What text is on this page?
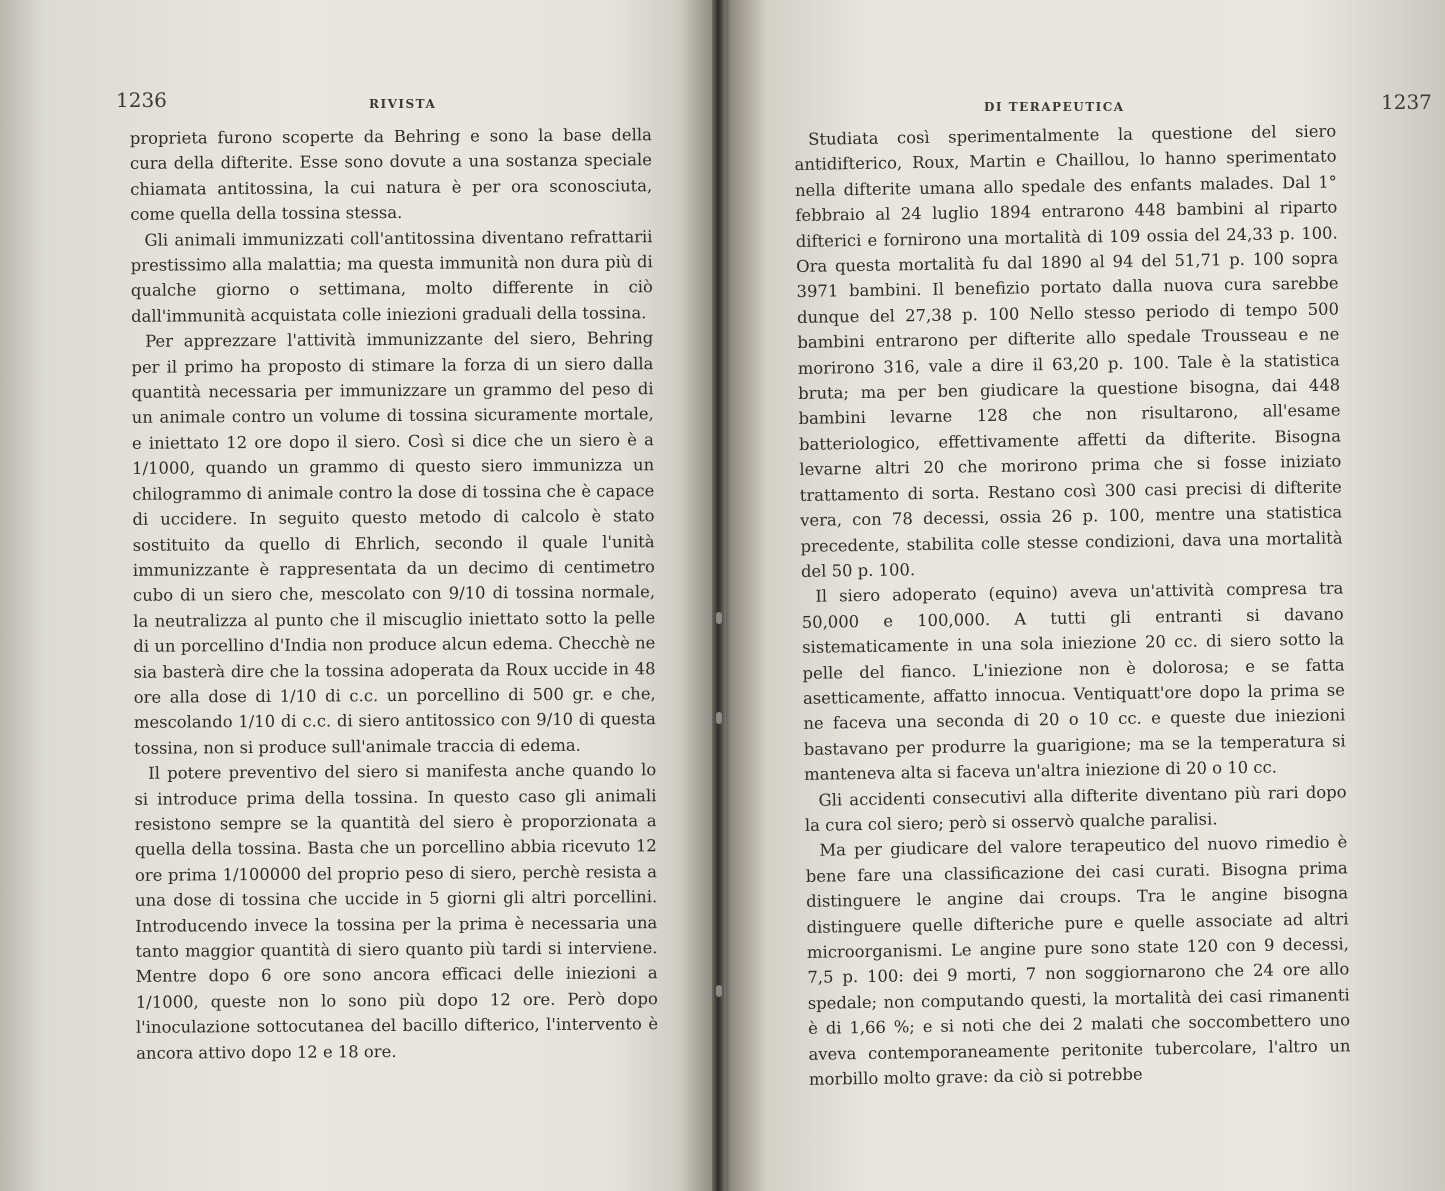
1236	RIVISTA

proprieta furono scoperte da Behring e sono la base della cura della difterite. Esse sono dovute a una sostanza speciale chiamata antitossina, la cui natura è per ora sconosciuta, come quella della tossina stessa.

Gli animali immunizzati coll'antitossina diventano refrattarii prestissimo alla malattia; ma questa immunità non dura più di qualche giorno o settimana, molto differente in ciò dall'immunità acquistata colle iniezioni graduali della tossina.

Per apprezzare l'attività immunizzante del siero, Behring per il primo ha proposto di stimare la forza di un siero dalla quantità necessaria per immunizzare un grammo del peso di un animale contro un volume di tossina sicuramente mortale, e iniettato 12 ore dopo il siero. Così si dice che un siero è a 1/1000, quando un grammo di questo siero immunizza un chilogrammo di animale contro la dose di tossina che è capace di uccidere. In seguito questo metodo di calcolo è stato sostituito da quello di Ehrlich, secondo il quale l'unità immunizzante è rappresentata da un decimo di centimetro cubo di un siero che, mescolato con 9/10 di tossina normale, la neutralizza al punto che il miscuglio iniettato sotto la pelle di un porcellino d'India non produce alcun edema. Checchè ne sia basterà dire che la tossina adoperata da Roux uccide in 48 ore alla dose di 1/10 di c.c. un porcellino di 500 gr. e che, mescolando 1/10 di c.c. di siero antitossico con 9/10 di questa tossina, non si produce sull'animale traccia di edema.

Il potere preventivo del siero si manifesta anche quando lo si introduce prima della tossina. In questo caso gli animali resistono sempre se la quantità del siero è proporzionata a quella della tossina. Basta che un porcellino abbia ricevuto 12 ore prima 1/100000 del proprio peso di siero, perchè resista a una dose di tossina che uccide in 5 giorni gli altri porcellini. Introducendo invece la tossina per la prima è necessaria una tanto maggior quantità di siero quanto più tardi si interviene. Mentre dopo 6 ore sono ancora efficaci delle iniezioni a 1/1000, queste non lo sono più dopo 12 ore. Però dopo l'inoculazione sottocutanea del bacillo difterico, l'intervento è ancora attivo dopo 12 e 18 ore.

DI TERAPEUTICA	1237

Studiata così sperimentalmente la questione del siero antidifterico, Roux, Martin e Chaillou, lo hanno sperimentato nella difterite umana allo spedale des enfants malades. Dal 1° febbraio al 24 luglio 1894 entrarono 448 bambini al riparto difterici e fornirono una mortalità di 109 ossia del 24,33 p. 100. Ora questa mortalità fu dal 1890 al 94 del 51,71 p. 100 sopra 3971 bambini. Il benefizio portato dalla nuova cura sarebbe dunque del 27,38 p. 100 Nello stesso periodo di tempo 500 bambini entrarono per difterite allo spedale Trousseau e ne morirono 316, vale a dire il 63,20 p. 100. Tale è la statistica bruta; ma per ben giudicare la questione bisogna, dai 448 bambini levarne 128 che non risultarono, all'esame batteriologico, effettivamente affetti da difterite. Bisogna levarne altri 20 che morirono prima che si fosse iniziato trattamento di sorta. Restano così 300 casi precisi di difterite vera, con 78 decessi, ossia 26 p. 100, mentre una statistica precedente, stabilita colle stesse condizioni, dava una mortalità del 50 p. 100.

Il siero adoperato (equino) aveva un'attività compresa tra 50,000 e 100,000. A tutti gli entranti si davano sistematicamente in una sola iniezione 20 cc. di siero sotto la pelle del fianco. L'iniezione non è dolorosa; e se fatta asetticamente, affatto innocua. Ventiquatt'ore dopo la prima se ne faceva una seconda di 20 o 10 cc. e queste due iniezioni bastavano per produrre la guarigione; ma se la temperatura si manteneva alta si faceva un'altra iniezione di 20 o 10 cc.

Gli accidenti consecutivi alla difterite diventano più rari dopo la cura col siero; però si osservò qualche paralisi.

Ma per giudicare del valore terapeutico del nuovo rimedio è bene fare una classificazione dei casi curati. Bisogna prima distinguere le angine dai croups. Tra le angine bisogna distinguere quelle difteriche pure e quelle associate ad altri microorganismi. Le angine pure sono state 120 con 9 decessi, 7,5 p. 100: dei 9 morti, 7 non soggiornarono che 24 ore allo spedale; non computando questi, la mortalità dei casi rimanenti è di 1,66 %; e si noti che dei 2 malati che soccombettero uno aveva contemporaneamente peritonite tubercolare, l'altro un morbillo molto grave: da ciò si potrebbe
